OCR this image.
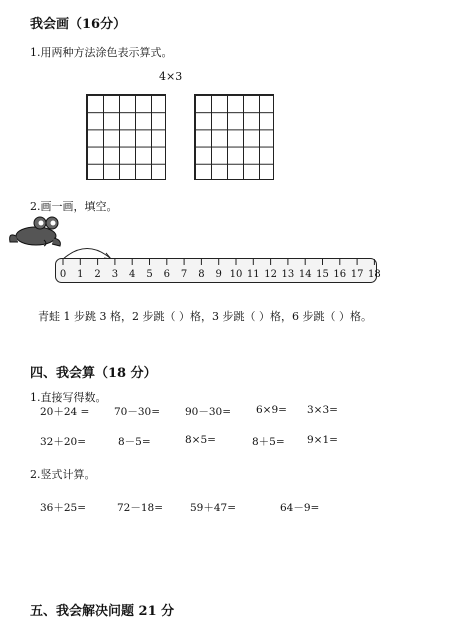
我会画（16分）
1.用两种方法涂色表示算式。
4×3
2.画一画，填空。
0 1 2 3 4 5 6 7 8 9 10 11 12 13 14 15 16 17 18
青蛙 1 步跳 3 格，2 步跳（ ）格，3 步跳（ ）格，6 步跳（ ）格。
四、我会算（18 分）
1.直接写得数。
20＋24 = 70－30= 90－30= 6×9= 3×3=
32＋20=	8－5=	8×5=	8＋5= 9×1=
2.竖式计算。
36＋25=	72－18=	59＋47=	64－9=
五、我会解决问题 21 分
